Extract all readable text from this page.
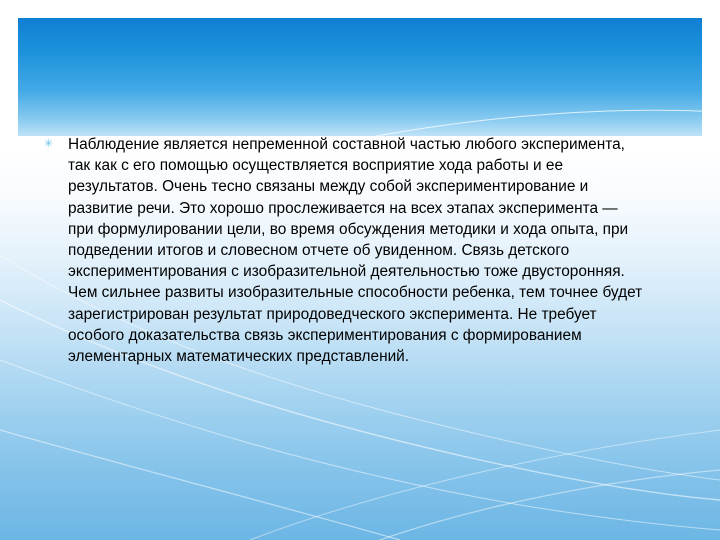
✳ Наблюдение является непременной составной частью любого эксперимента, так как с его помощью осуществляется восприятие хода работы и ее результатов. Очень тесно связаны между собой экспериментирование и развитие речи. Это хорошо прослеживается на всех этапах эксперимента — при формулировании цели, во время обсуждения методики и хода опыта, при подведении итогов и словесном отчете об увиденном. Связь детского экспериментирования с изобразительной деятельностью тоже двусторонняя. Чем сильнее развиты изобразительные способности ребенка, тем точнее будет зарегистрирован результат природоведческого эксперимента. Не требует особого доказательства связь экспериментирования с формированием элементарных математических представлений.
